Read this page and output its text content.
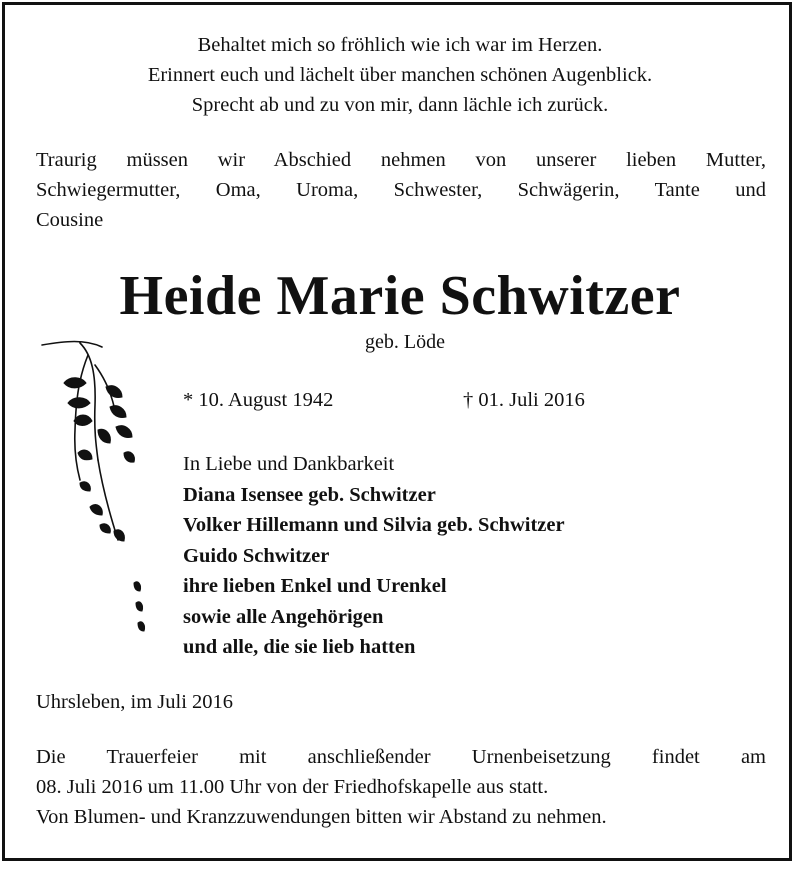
Behaltet mich so fröhlich wie ich war im Herzen.
Erinnert euch und lächelt über manchen schönen Augenblick.
Sprecht ab und zu von mir, dann lächle ich zurück.
Traurig müssen wir Abschied nehmen von unserer lieben Mutter,
Schwiegermutter, Oma, Uroma, Schwester, Schwägerin, Tante und
Cousine
Heide Marie Schwitzer
geb. Löde
* 10. August 1942	† 01. Juli 2016
In Liebe und Dankbarkeit
Diana Isensee geb. Schwitzer
Volker Hillemann und Silvia geb. Schwitzer
Guido Schwitzer
ihre lieben Enkel und Urenkel
sowie alle Angehörigen
und alle, die sie lieb hatten
Uhrsleben, im Juli 2016
Die Trauerfeier mit anschließender Urnenbeisetzung findet am
08. Juli 2016 um 11.00 Uhr von der Friedhofskapelle aus statt.
Von Blumen- und Kranzzuwendungen bitten wir Abstand zu nehmen.
